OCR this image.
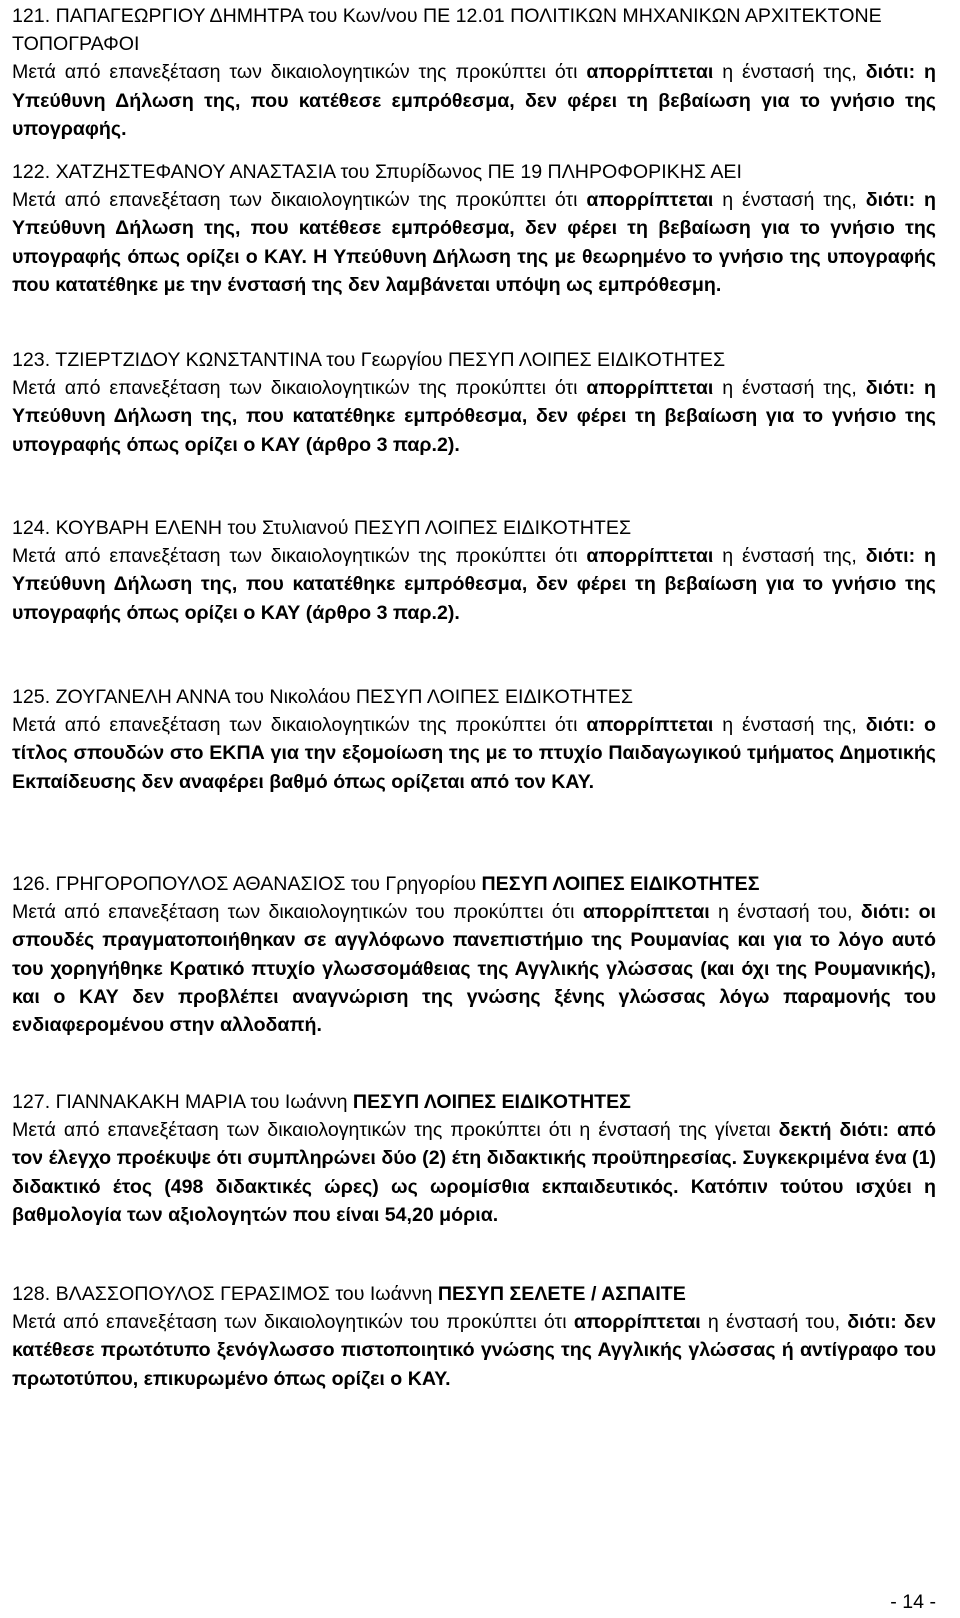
121. ΠΑΠΑΓΕΩΡΓΙΟΥ ΔΗΜΗΤΡΑ του Κων/νου ΠΕ 12.01 ΠΟΛΙΤΙΚΩΝ ΜΗΧΑΝΙΚΩΝ ΑΡΧΙΤΕΚΤΟΝΕ ΤΟΠΟΓΡΑΦΟΙ
Μετά από επανεξέταση των δικαιολογητικών της προκύπτει ότι απορρίπτεται η ένστασή της, διότι: η Υπεύθυνη Δήλωση της, που κατέθεσε εμπρόθεσμα, δεν φέρει τη βεβαίωση για το γνήσιο της υπογραφής.
122. ΧΑΤΖΗΣΤΕΦΑΝΟΥ ΑΝΑΣΤΑΣΙΑ του Σπυρίδωνος ΠΕ 19 ΠΛΗΡΟΦΟΡΙΚΗΣ ΑΕΙ
Μετά από επανεξέταση των δικαιολογητικών της προκύπτει ότι απορρίπτεται η ένστασή της, διότι: η Υπεύθυνη Δήλωση της, που κατέθεσε εμπρόθεσμα, δεν φέρει τη βεβαίωση για το γνήσιο της υπογραφής όπως ορίζει ο ΚΑΥ. Η Υπεύθυνη Δήλωση της με θεωρημένο το γνήσιο της υπογραφής που κατατέθηκε με την ένστασή της δεν λαμβάνεται υπόψη ως εμπρόθεσμη.
123. ΤΖΙΕΡΤΖΙΔΟΥ ΚΩΝΣΤΑΝΤΙΝΑ του Γεωργίου ΠΕΣΥΠ ΛΟΙΠΕΣ ΕΙΔΙΚΟΤΗΤΕΣ
Μετά από επανεξέταση των δικαιολογητικών της προκύπτει ότι απορρίπτεται η ένστασή της, διότι: η Υπεύθυνη Δήλωση της, που κατατέθηκε εμπρόθεσμα, δεν φέρει τη βεβαίωση για το γνήσιο της υπογραφής όπως ορίζει ο ΚΑΥ (άρθρο 3 παρ.2).
124. ΚΟΥΒΑΡΗ ΕΛΕΝΗ του Στυλιανού ΠΕΣΥΠ ΛΟΙΠΕΣ ΕΙΔΙΚΟΤΗΤΕΣ
Μετά από επανεξέταση των δικαιολογητικών της προκύπτει ότι απορρίπτεται η ένστασή της, διότι: η Υπεύθυνη Δήλωση της, που κατατέθηκε εμπρόθεσμα, δεν φέρει τη βεβαίωση για το γνήσιο της υπογραφής όπως ορίζει ο ΚΑΥ (άρθρο 3 παρ.2).
125. ΖΟΥΓΑΝΕΛΗ ΑΝΝΑ του Νικολάου ΠΕΣΥΠ ΛΟΙΠΕΣ ΕΙΔΙΚΟΤΗΤΕΣ
Μετά από επανεξέταση των δικαιολογητικών της προκύπτει ότι απορρίπτεται η ένστασή της, διότι: ο τίτλος σπουδών στο ΕΚΠΑ για την εξομοίωση της με το πτυχίο Παιδαγωγικού τμήματος Δημοτικής Εκπαίδευσης δεν αναφέρει βαθμό όπως ορίζεται από τον ΚΑΥ.
126. ΓΡΗΓΟΡΟΠΟΥΛΟΣ ΑΘΑΝΑΣΙΟΣ του Γρηγορίου ΠΕΣΥΠ ΛΟΙΠΕΣ ΕΙΔΙΚΟΤΗΤΕΣ
Μετά από επανεξέταση των δικαιολογητικών του προκύπτει ότι απορρίπτεται η ένστασή του, διότι: οι σπουδές πραγματοποιήθηκαν σε αγγλόφωνο πανεπιστήμιο της Ρουμανίας και για το λόγο αυτό του χορηγήθηκε Κρατικό πτυχίο γλωσσομάθειας της Αγγλικής γλώσσας (και όχι της Ρουμανικής), και ο ΚΑΥ δεν προβλέπει αναγνώριση της γνώσης ξένης γλώσσας λόγω παραμονής του ενδιαφερομένου στην αλλοδαπή.
127. ΓΙΑΝΝΑΚΑΚΗ ΜΑΡΙΑ του Ιωάννη ΠΕΣΥΠ ΛΟΙΠΕΣ ΕΙΔΙΚΟΤΗΤΕΣ
Μετά από επανεξέταση των δικαιολογητικών της προκύπτει ότι η ένστασή της γίνεται δεκτή διότι: από τον έλεγχο προέκυψε ότι συμπληρώνει δύο (2) έτη διδακτικής προϋπηρεσίας. Συγκεκριμένα ένα (1) διδακτικό έτος (498 διδακτικές ώρες) ως ωρομίσθια εκπαιδευτικός. Κατόπιν τούτου ισχύει η βαθμολογία των αξιολογητών που είναι 54,20 μόρια.
128. ΒΛΑΣΣΟΠΟΥΛΟΣ ΓΕΡΑΣΙΜΟΣ του Ιωάννη ΠΕΣΥΠ ΣΕΛΕΤΕ / ΑΣΠΑΙΤΕ
Μετά από επανεξέταση των δικαιολογητικών του προκύπτει ότι απορρίπτεται η ένστασή του, διότι: δεν κατέθεσε πρωτότυπο ξενόγλωσσο πιστοποιητικό γνώσης της Αγγλικής γλώσσας ή αντίγραφο του πρωτοτύπου, επικυρωμένο όπως ορίζει ο ΚΑΥ.
- 14 -
